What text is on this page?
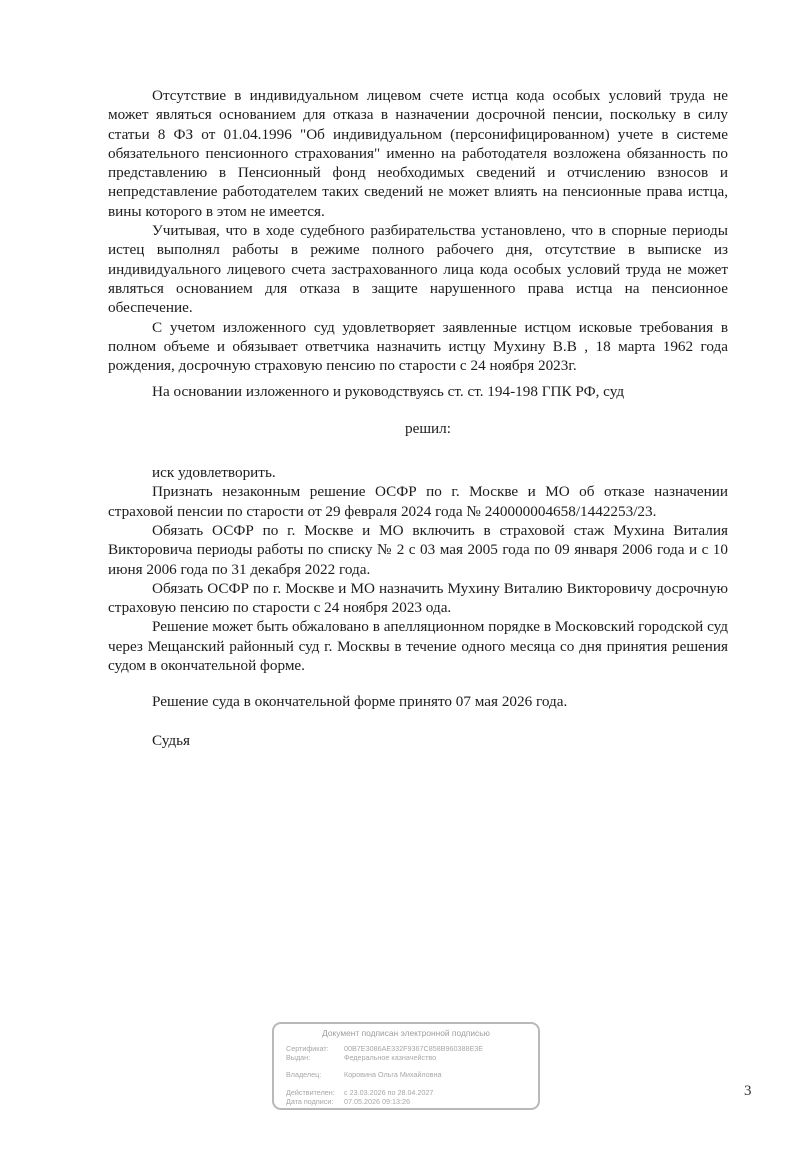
Отсутствие в индивидуальном лицевом счете истца кода особых условий труда не может являться основанием для отказа в назначении досрочной пенсии, поскольку в силу статьи 8 ФЗ от 01.04.1996 "Об индивидуальном (персонифицированном) учете в системе обязательного пенсионного страхования" именно на работодателя возложена обязанность по представлению в Пенсионный фонд необходимых сведений и отчислению взносов и непредставление работодателем таких сведений не может влиять на пенсионные права истца, вины которого в этом не имеется.

Учитывая, что в ходе судебного разбирательства установлено, что в спорные периоды истец выполнял работы в режиме полного рабочего дня, отсутствие в выписке из индивидуального лицевого счета застрахованного лица кода особых условий труда не может являться основанием для отказа в защите нарушенного права истца на пенсионное обеспечение.

С учетом изложенного суд удовлетворяет заявленные истцом исковые требования в полном объеме и обязывает ответчика назначить истцу Мухину В.В , 18 марта 1962 года рождения, досрочную страховую пенсию по старости с 24 ноября 2023г.

На основании изложенного и руководствуясь ст. ст. 194-198 ГПК РФ, суд

решил:

иск удовлетворить.

Признать незаконным решение ОСФР по г. Москве и МО об отказе назначении страховой пенсии по старости от 29 февраля 2024 года № 240000004658/1442253/23.

Обязать ОСФР по г. Москве и МО включить в страховой стаж Мухина Виталия Викторовича периоды работы по списку № 2 с 03 мая 2005 года по 09 января 2006 года и с 10 июня 2006 года по 31 декабря 2022 года.

Обязать ОСФР по г. Москве и МО назначить Мухину Виталию Викторовичу досрочную страховую пенсию по старости с 24 ноября 2023 ода.

Решение может быть обжаловано в апелляционном порядке в Московский городской суд через Мещанский районный суд г. Москвы в течение одного месяца со дня принятия решения судом в окончательной форме.

Решение суда в окончательной форме принято 07 мая 2026 года.

Судья

Документ подписан электронной подписью
Сертификат: 00B7E3086AE332F9367C858B960388E3E
Выдан:	Федеральное казначейство
Владелец:	Коровина Ольга Михайловна
Действителен: с 23.03.2026 по 28.04.2027
Дата подписи: 07.05.2026 09:13:26
3
